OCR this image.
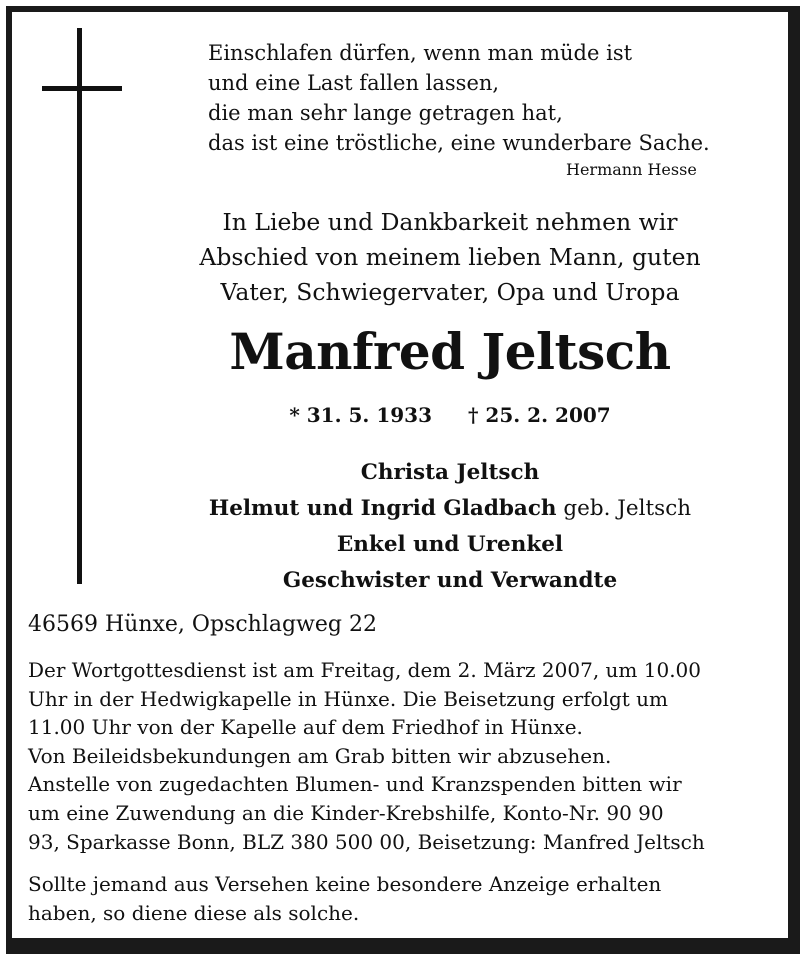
Einschlafen dürfen, wenn man müde ist
und eine Last fallen lassen,
die man sehr lange getragen hat,
das ist eine tröstliche, eine wunderbare Sache.
Hermann Hesse
In Liebe und Dankbarkeit nehmen wir
Abschied von meinem lieben Mann, guten
Vater, Schwiegervater, Opa und Uropa
Manfred Jeltsch
* 31. 5. 1933 † 25. 2. 2007
Christa Jeltsch
Helmut und Ingrid Gladbach geb. Jeltsch
Enkel und Urenkel
Geschwister und Verwandte
46569 Hünxe, Opschlagweg 22
Der Wortgottesdienst ist am Freitag, dem 2. März 2007, um 10.00
Uhr in der Hedwigkapelle in Hünxe. Die Beisetzung erfolgt um
11.00 Uhr von der Kapelle auf dem Friedhof in Hünxe.
Von Beileidsbekundungen am Grab bitten wir abzusehen.
Anstelle von zugedachten Blumen- und Kranzspenden bitten wir
um eine Zuwendung an die Kinder-Krebshilfe, Konto-Nr. 90 90
93, Sparkasse Bonn, BLZ 380 500 00, Beisetzung: Manfred Jeltsch
Sollte jemand aus Versehen keine besondere Anzeige erhalten
haben, so diene diese als solche.
